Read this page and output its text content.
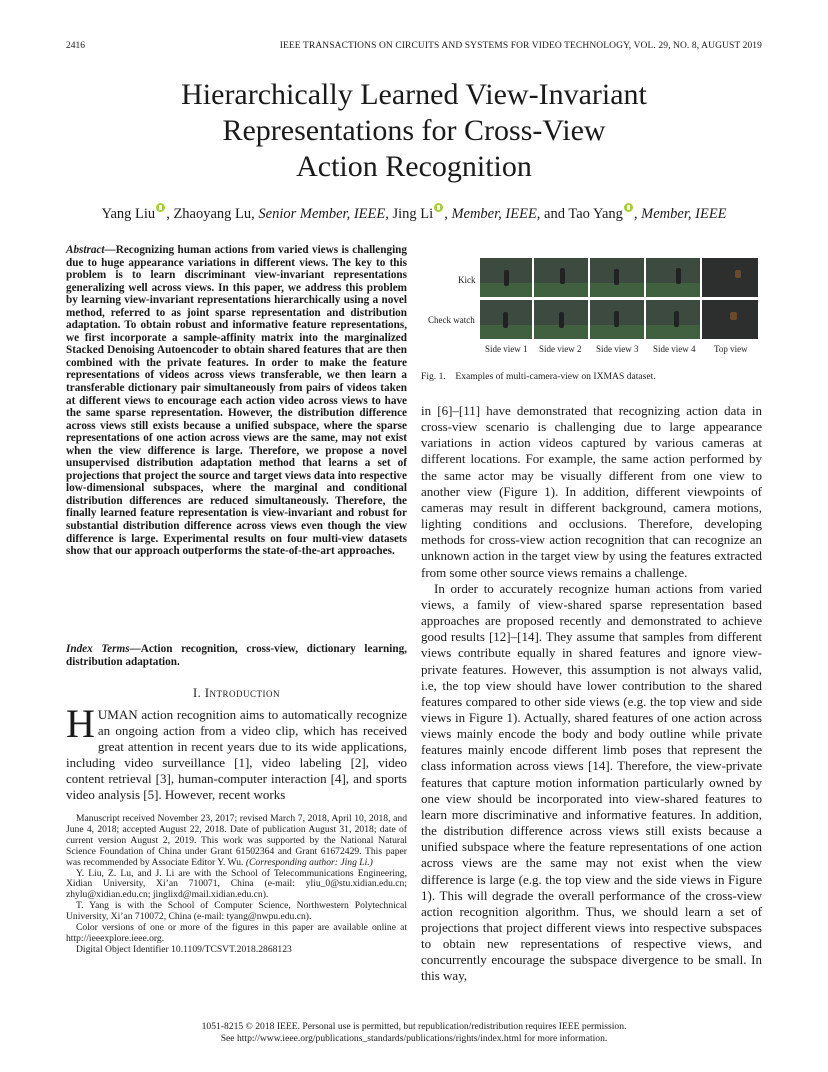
2416	IEEE TRANSACTIONS ON CIRCUITS AND SYSTEMS FOR VIDEO TECHNOLOGY, VOL. 29, NO. 8, AUGUST 2019
Hierarchically Learned View-Invariant
Representations for Cross-View
Action Recognition
Yang Liu , Zhaoyang Lu, Senior Member, IEEE, Jing Li , Member, IEEE, and Tao Yang , Member, IEEE
Abstract—Recognizing human actions from varied views is challenging due to huge appearance variations in different views. The key to this problem is to learn discriminant view-invariant representations generalizing well across views. In this paper, we address this problem by learning view-invariant representations hierarchically using a novel method, referred to as joint sparse representation and distribution adaptation. To obtain robust and informative feature representations, we first incorporate a sample-affinity matrix into the marginalized Stacked Denoising Autoencoder to obtain shared features that are then combined with the private features. In order to make the feature representations of videos across views transferable, we then learn a transferable dictionary pair simultaneously from pairs of videos taken at different views to encourage each action video across views to have the same sparse representation. However, the distribution difference across views still exists because a unified subspace, where the sparse representations of one action across views are the same, may not exist when the view difference is large. Therefore, we propose a novel unsupervised distribution adaptation method that learns a set of projections that project the source and target views data into respective low-dimensional subspaces, where the marginal and conditional distribution differences are reduced simultaneously. Therefore, the finally learned feature representation is view-invariant and robust for substantial distribution difference across views even though the view difference is large. Experimental results on four multi-view datasets show that our approach outperforms the state-of-the-art approaches.
Index Terms—Action recognition, cross-view, dictionary learning, distribution adaptation.
I. Introduction
HUMAN action recognition aims to automatically recognize an ongoing action from a video clip, which has received great attention in recent years due to its wide applications, including video surveillance [1], video labeling [2], video content retrieval [3], human-computer interaction [4], and sports video analysis [5]. However, recent works

Manuscript received November 23, 2017; revised March 7, 2018, April 10, 2018, and June 4, 2018; accepted August 22, 2018. Date of publication August 31, 2018; date of current version August 2, 2019. This work was supported by the National Natural Science Foundation of China under Grant 61502364 and Grant 61672429. This paper was recommended by Associate Editor Y. Wu. (Corresponding author: Jing Li.)

Y. Liu, Z. Lu, and J. Li are with the School of Telecommunications Engineering, Xidian University, Xi’an 710071, China (e-mail: yliu_0@stu.xidian.edu.cn; zhylu@xidian.edu.cn; jinglixd@mail.xidian.edu.cn).

T. Yang is with the School of Computer Science, Northwestern Polytechnical University, Xi’an 710072, China (e-mail: tyang@nwpu.edu.cn).

Color versions of one or more of the figures in this paper are available online at http://ieeexplore.ieee.org.

Digital Object Identifier 10.1109/TCSVT.2018.2868123

Kick
Check watch
Side view 1 Side view 2 Side view 3 Side view 4 Top view
Fig. 1.    Examples of multi-camera-view on IXMAS dataset.

in [6]–[11] have demonstrated that recognizing action data in cross-view scenario is challenging due to large appearance variations in action videos captured by various cameras at different locations. For example, the same action performed by the same actor may be visually different from one view to another view (Figure 1). In addition, different viewpoints of cameras may result in different background, camera motions, lighting conditions and occlusions. Therefore, developing methods for cross-view action recognition that can recognize an unknown action in the target view by using the features extracted from some other source views remains a challenge.

In order to accurately recognize human actions from varied views, a family of view-shared sparse representation based approaches are proposed recently and demonstrated to achieve good results [12]–[14]. They assume that samples from different views contribute equally in shared features and ignore view-private features. However, this assumption is not always valid, i.e, the top view should have lower contribution to the shared features compared to other side views (e.g. the top view and side views in Figure 1). Actually, shared features of one action across views mainly encode the body and body outline while private features mainly encode different limb poses that represent the class information across views [14]. Therefore, the view-private features that capture motion information particularly owned by one view should be incorporated into view-shared features to learn more discriminative and informative features. In addition, the distribution difference across views still exists because a unified subspace where the feature representations of one action across views are the same may not exist when the view difference is large (e.g. the top view and the side views in Figure 1). This will degrade the overall performance of the cross-view action recognition algorithm. Thus, we should learn a set of projections that project different views into respective subspaces to obtain new representations of respective views, and concurrently encourage the subspace divergence to be small. In this way,

1051-8215 © 2018 IEEE. Personal use is permitted, but republication/redistribution requires IEEE permission.
See http://www.ieee.org/publications_standards/publications/rights/index.html for more information.
